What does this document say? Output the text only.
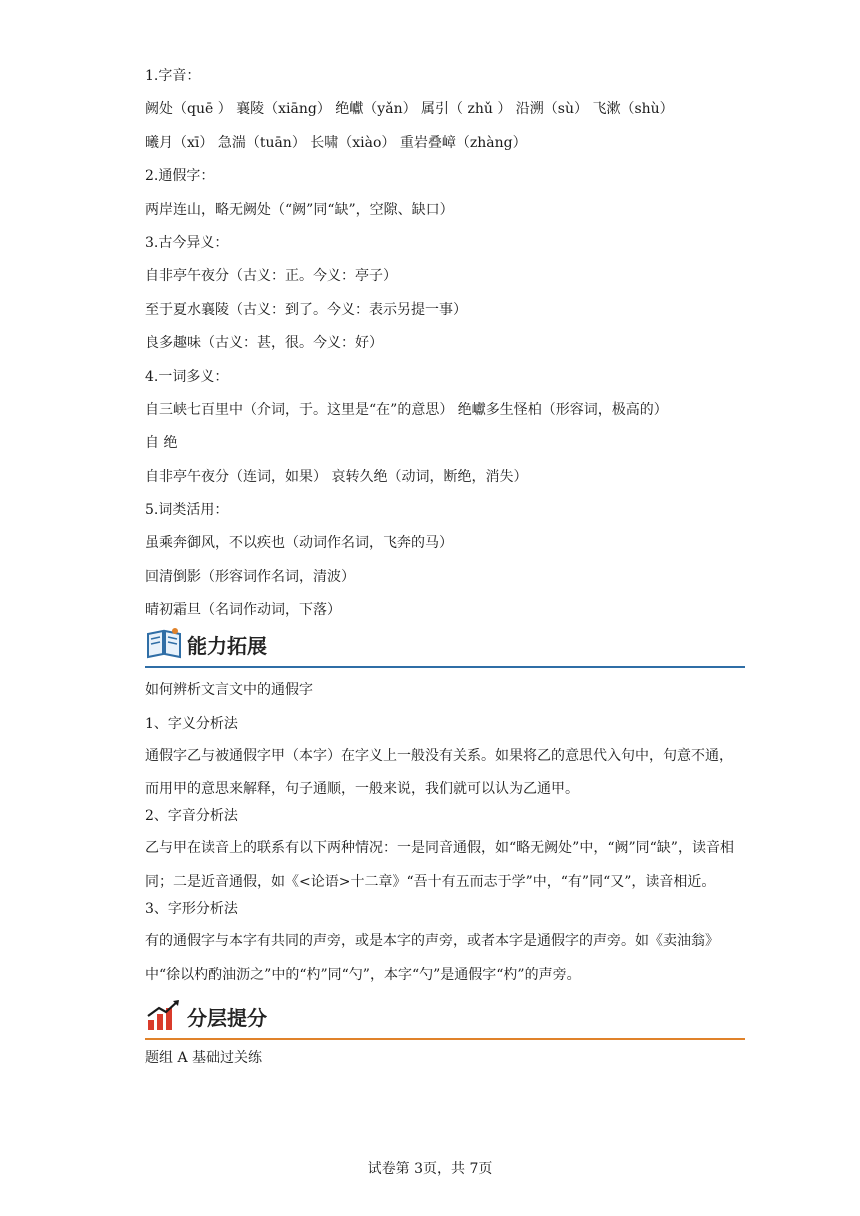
1.字音：
阙处（quē ） 襄陵（xiāng） 绝巘（yǎn） 属引（ zhǔ ） 沿溯（sù） 飞漱（shù）
曦月（xī） 急湍（tuān） 长啸（xiào） 重岩叠嶂（zhàng）
2.通假字：
两岸连山，略无阙处（“阙”同“缺”，空隙、缺口）
3.古今异义：
自非亭午夜分（古义：正。今义：亭子）
至于夏水襄陵（古义：到了。今义：表示另提一事）
良多趣味（古义：甚，很。今义：好）
4.一词多义：
自三峡七百里中（介词，于。这里是“在”的意思） 绝巘多生怪柏（形容词，极高的）
自 绝
自非亭午夜分（连词，如果） 哀转久绝（动词，断绝，消失）
5.词类活用：
虽乘奔御风，不以疾也（动词作名词，飞奔的马）
回清倒影（形容词作名词，清波）
晴初霜旦（名词作动词，下落）
能力拓展
如何辨析文言文中的通假字
1、字义分析法

通假字乙与被通假字甲（本字）在字义上一般没有关系。如果将乙的意思代入句中，句意不通，而用甲的意思来解释，句子通顺，一般来说，我们就可以认为乙通甲。

2、字音分析法

乙与甲在读音上的联系有以下两种情况：一是同音通假，如“略无阙处”中，“阙”同“缺”，读音相同；二是近音通假，如《<论语>十二章》“吾十有五而志于学”中，“有”同“又”，读音相近。

3、字形分析法

有的通假字与本字有共同的声旁，或是本字的声旁，或者本字是通假字的声旁。如《卖油翁》中“徐以杓酌油沥之”中的“杓”同“勺”，本字“勺”是通假字“杓”的声旁。

分层提分
题组 A 基础过关练
试卷第 3页，共 7页
